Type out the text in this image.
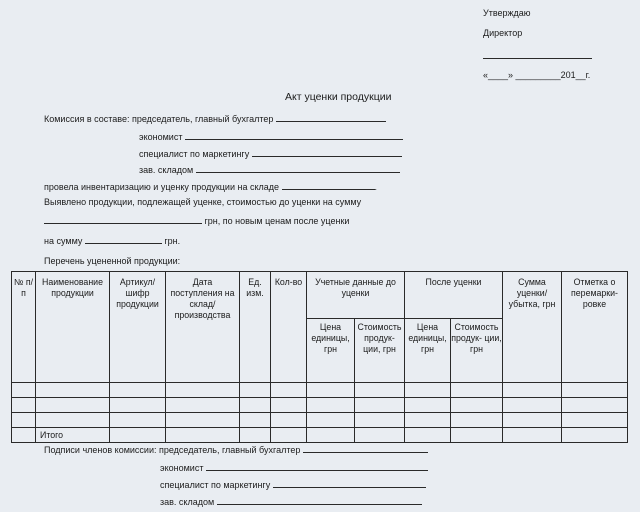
Утверждаю
Директор
«____» _________201__г.
Акт уценки продукции
Комиссия в составе: председатель, главный бухгалтер
экономист
специалист по маркетингу
зав. складом
провела инвентаризацию и уценку продукции на складе	.
Выявлено продукции, подлежащей уценке, стоимостью до уценки на сумму
грн, по новым ценам после уценки
на сумму	грн.
Перечень уцененной продукции:
№ п/п	Наименование продукции	Артикул/ шифр продукции	Дата поступления на склад/ производства	Ед. изм.	Кол-во	Учетные данные до уценки		После уценки		Сумма уценки/ убытка, грн	Отметка о перемарки- ровке
						Цена единицы, грн	Стоимость продук- ции, грн	Цена единицы, грн	Стоимость продук- ции, грн		

	Итого										
Подписи членов комиссии: председатель, главный бухгалтер
экономист
специалист по маркетингу
зав. складом
